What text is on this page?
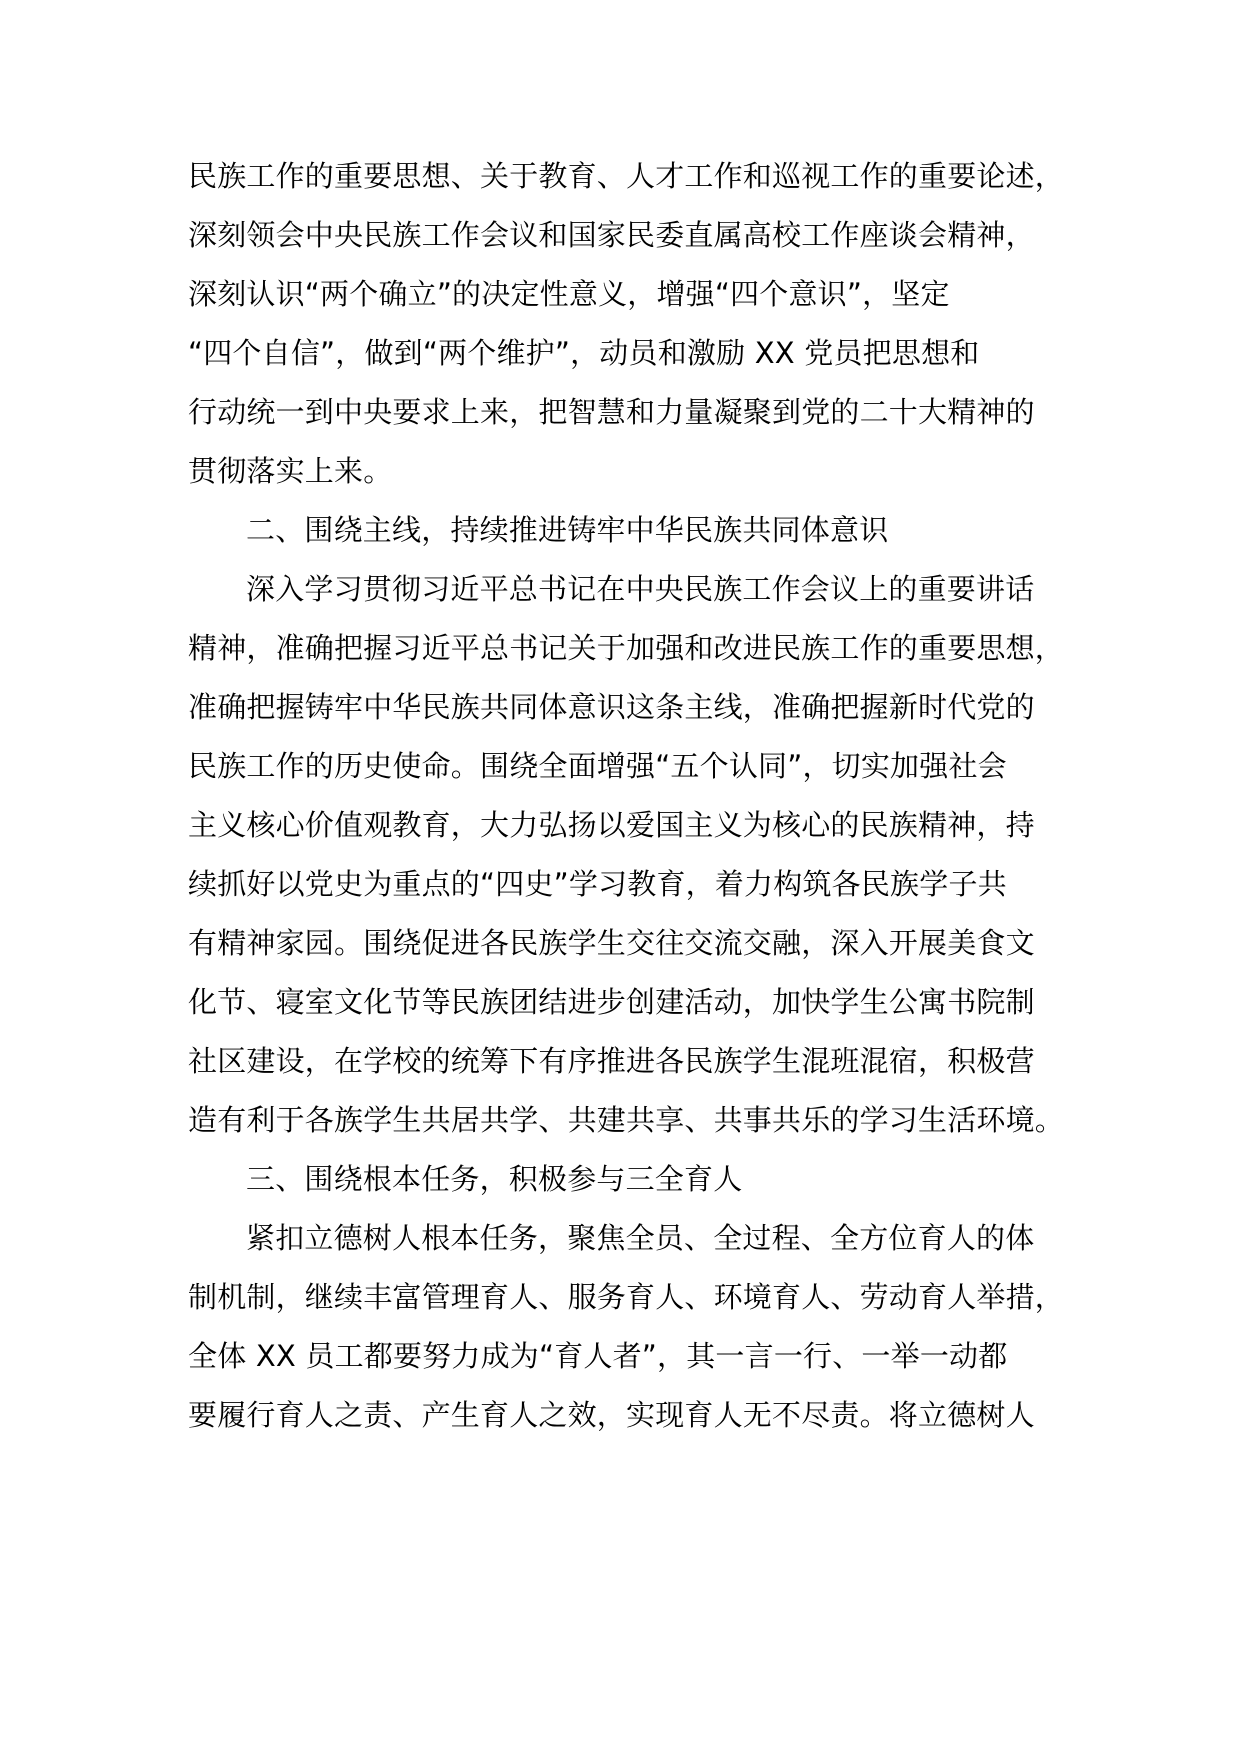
民族工作的重要思想、关于教育、人才工作和巡视工作的重要论述，
深刻领会中央民族工作会议和国家民委直属高校工作座谈会精神，
深刻认识“两个确立”的决定性意义，增强“四个意识”，坚定
“四个自信”，做到“两个维护”，动员和激励 XX 党员把思想和
行动统一到中央要求上来，把智慧和力量凝聚到党的二十大精神的
贯彻落实上来。
二、围绕主线，持续推进铸牢中华民族共同体意识
深入学习贯彻习近平总书记在中央民族工作会议上的重要讲话
精神，准确把握习近平总书记关于加强和改进民族工作的重要思想，
准确把握铸牢中华民族共同体意识这条主线，准确把握新时代党的
民族工作的历史使命。围绕全面增强“五个认同”，切实加强社会
主义核心价值观教育，大力弘扬以爱国主义为核心的民族精神，持
续抓好以党史为重点的“四史”学习教育，着力构筑各民族学子共
有精神家园。围绕促进各民族学生交往交流交融，深入开展美食文
化节、寝室文化节等民族团结进步创建活动，加快学生公寓书院制
社区建设，在学校的统筹下有序推进各民族学生混班混宿，积极营
造有利于各族学生共居共学、共建共享、共事共乐的学习生活环境。
三、围绕根本任务，积极参与三全育人
紧扣立德树人根本任务，聚焦全员、全过程、全方位育人的体
制机制，继续丰富管理育人、服务育人、环境育人、劳动育人举措，
全体 XX 员工都要努力成为“育人者”，其一言一行、一举一动都
要履行育人之责、产生育人之效，实现育人无不尽责。将立德树人
